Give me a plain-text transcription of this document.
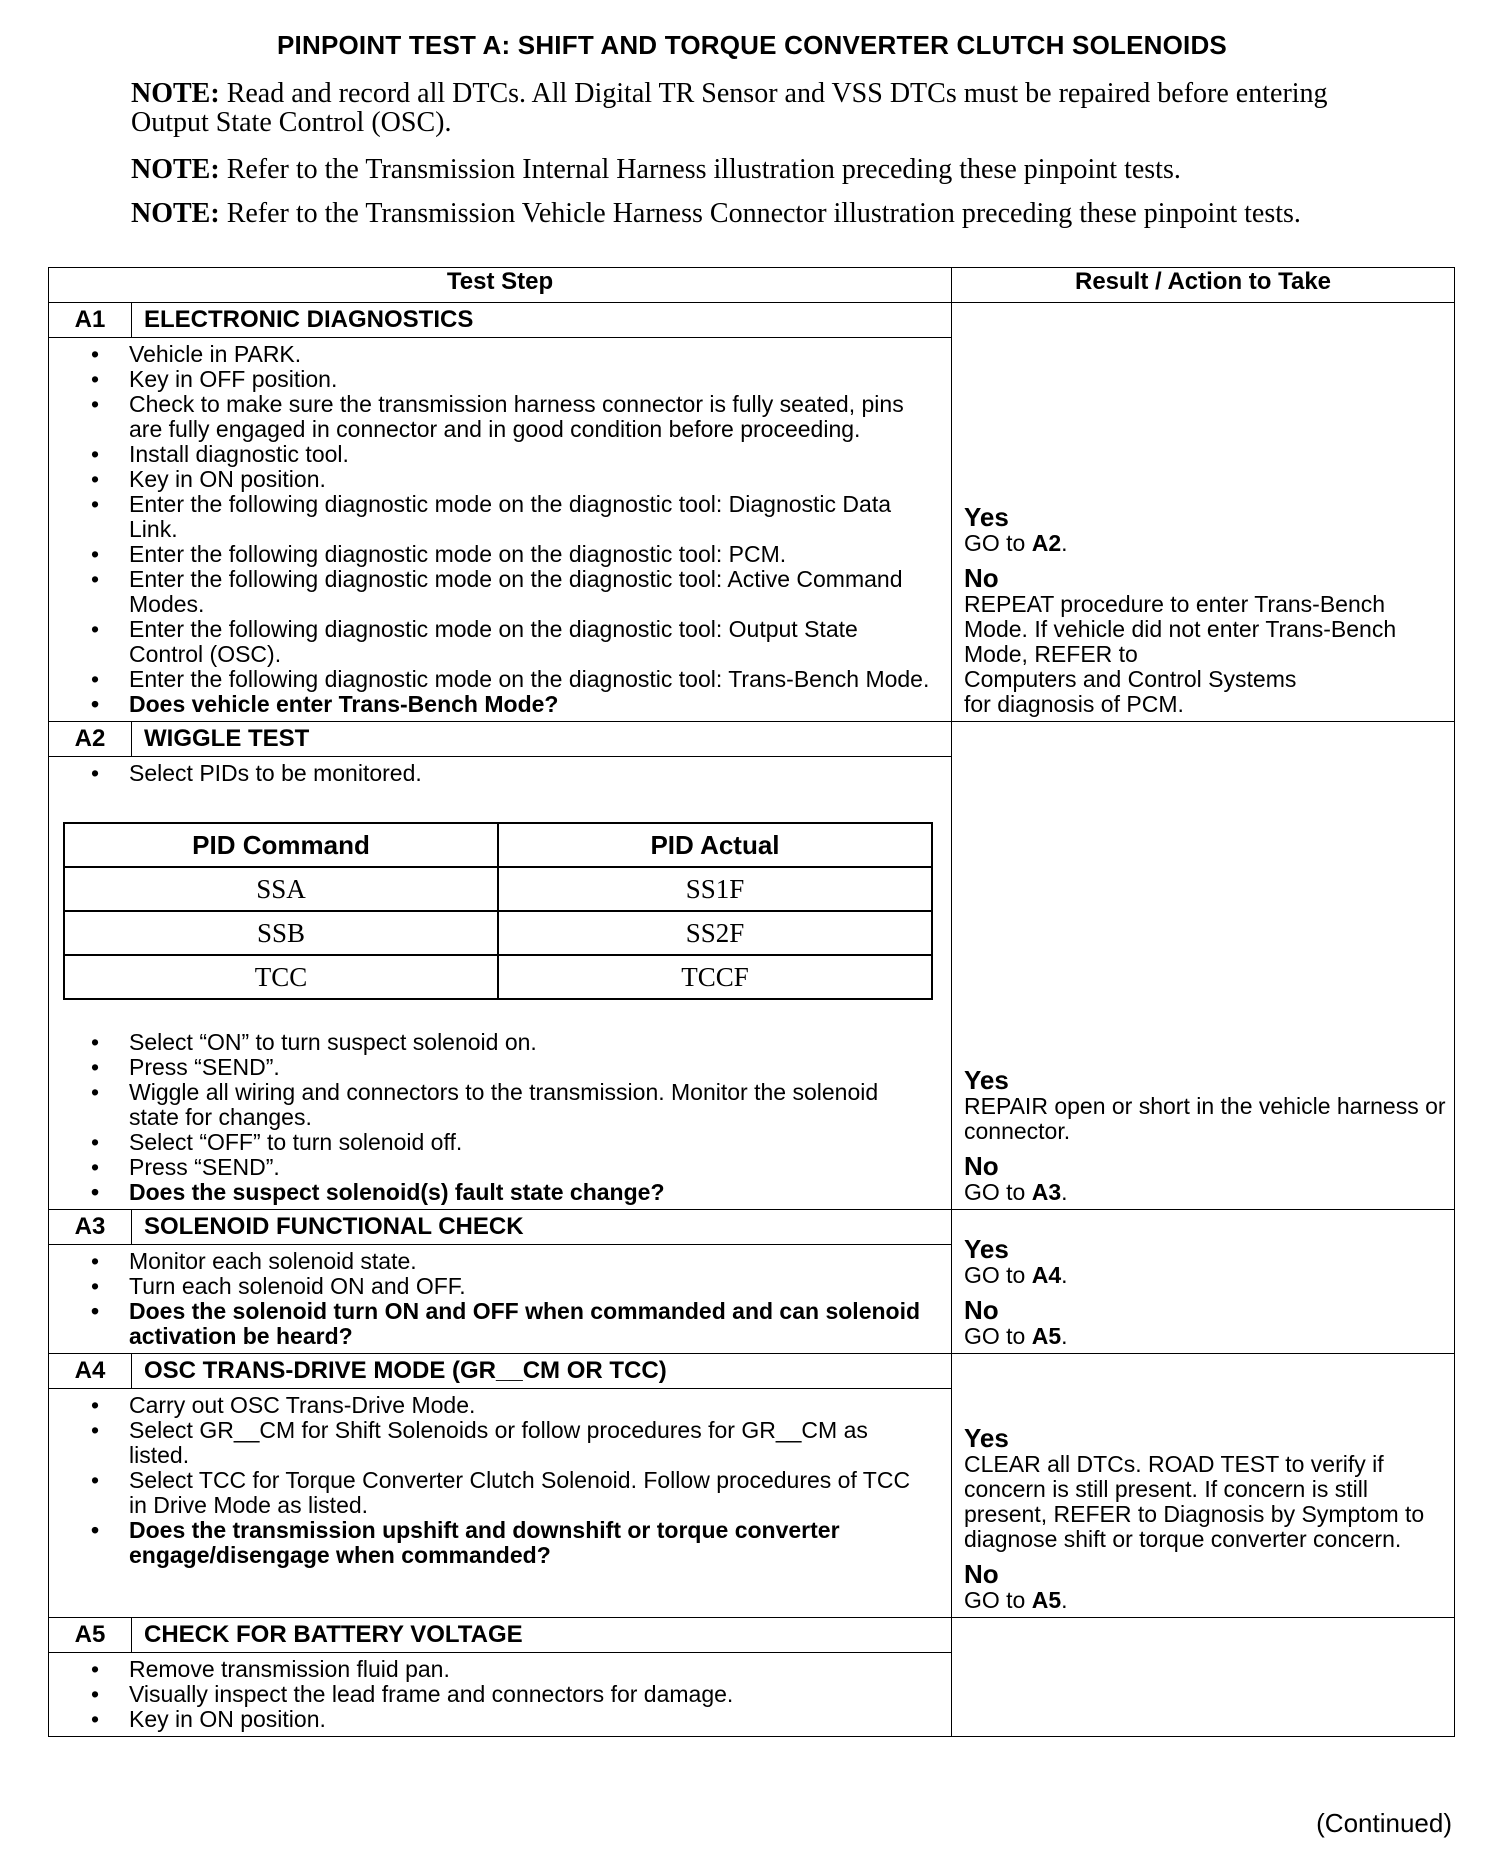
PINPOINT TEST A: SHIFT AND TORQUE CONVERTER CLUTCH SOLENOIDS
NOTE: Read and record all DTCs. All Digital TR Sensor and VSS DTCs must be repaired before entering Output State Control (OSC).
NOTE: Refer to the Transmission Internal Harness illustration preceding these pinpoint tests.
NOTE: Refer to the Transmission Vehicle Harness Connector illustration preceding these pinpoint tests.
Test Step	Result / Action to Take
A1	ELECTRONIC DIAGNOSTICS	
Yes
GO to A2.
No
REPEAT procedure to enter Trans-Bench Mode. If vehicle did not enter Trans-Bench Mode, REFER to
Computers and Control Systems
for diagnosis of PCM.

• Vehicle in PARK.
• Key in OFF position.
• Check to make sure the transmission harness connector is fully seated, pins are fully engaged in connector and in good condition before proceeding.
• Install diagnostic tool.
• Key in ON position.
• Enter the following diagnostic mode on the diagnostic tool: Diagnostic Data Link.
• Enter the following diagnostic mode on the diagnostic tool: PCM.
• Enter the following diagnostic mode on the diagnostic tool: Active Command Modes.
• Enter the following diagnostic mode on the diagnostic tool: Output State Control (OSC).
• Enter the following diagnostic mode on the diagnostic tool: Trans-Bench Mode.
• Does vehicle enter Trans-Bench Mode?

A2	WIGGLE TEST	
Yes
REPAIR open or short in the vehicle harness or connector.
No
GO to A3.

• Select PIDs to be monitored.
PID Command	PID Actual
SSA	SS1F
SSB	SS2F
TCC	TCCF
• Select “ON” to turn suspect solenoid on.
• Press “SEND”.
• Wiggle all wiring and connectors to the transmission. Monitor the solenoid state for changes.
• Select “OFF” to turn solenoid off.
• Press “SEND”.
• Does the suspect solenoid(s) fault state change?

A3	SOLENOID FUNCTIONAL CHECK	
Yes
GO to A4.
No
GO to A5.

• Monitor each solenoid state.
• Turn each solenoid ON and OFF.
• Does the solenoid turn ON and OFF when commanded and can solenoid activation be heard?

A4	OSC TRANS-DRIVE MODE (GR__CM OR TCC)	
Yes
CLEAR all DTCs. ROAD TEST to verify if concern is still present. If concern is still present, REFER to Diagnosis by Symptom to diagnose shift or torque converter concern.
No
GO to A5.

• Carry out OSC Trans-Drive Mode.
• Select GR__CM for Shift Solenoids or follow procedures for GR__CM as listed.
• Select TCC for Torque Converter Clutch Solenoid. Follow procedures of TCC in Drive Mode as listed.
• Does the transmission upshift and downshift or torque converter engage/disengage when commanded?

A5	CHECK FOR BATTERY VOLTAGE	

• Remove transmission fluid pan.
• Visually inspect the lead frame and connectors for damage.
• Key in ON position.
(Continued)
